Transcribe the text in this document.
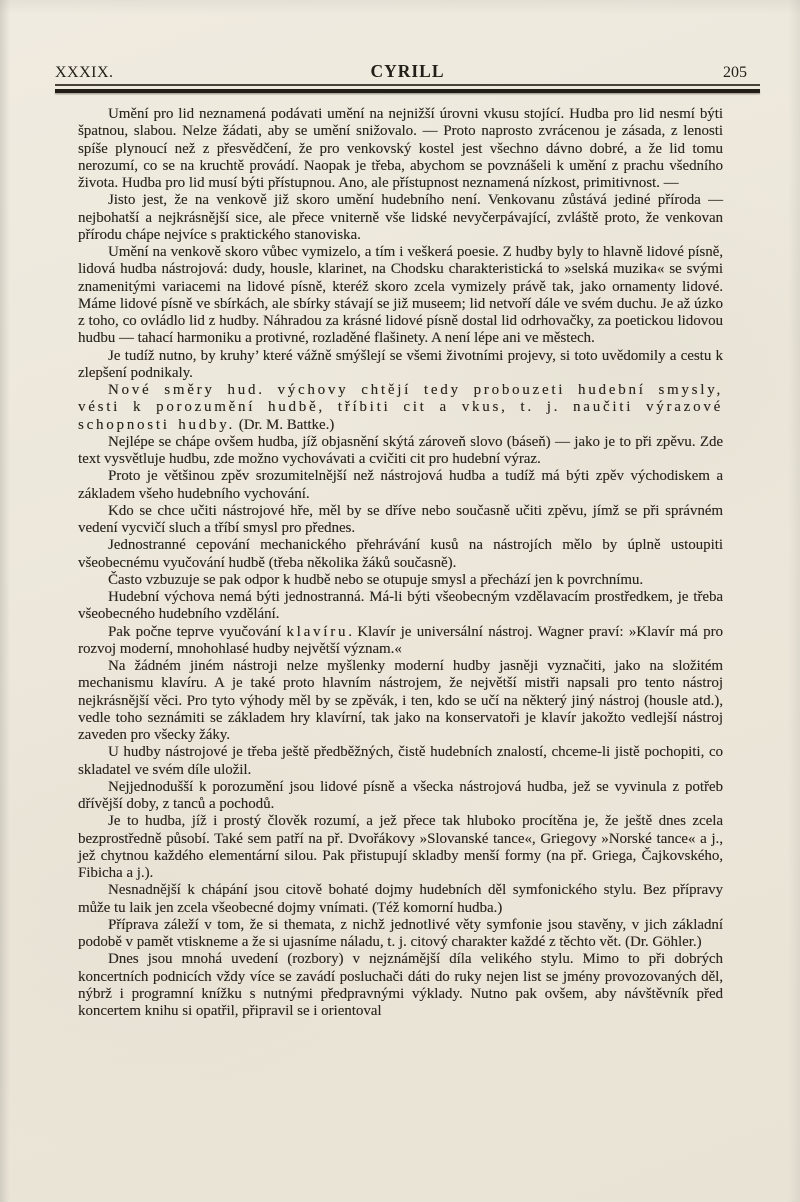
XXXIX.	CYRILL	205

Umění pro lid neznamená podávati umění na nejnižší úrovni vkusu stojící. Hudba pro lid nesmí býti špatnou, slabou. Nelze žádati, aby se umění snižovalo. — Proto naprosto zvrácenou je zásada, z lenosti spíše plynoucí než z přesvědčení, že pro venkovský kostel jest všechno dávno dobré, a že lid tomu nerozumí, co se na kruchtě provádí. Naopak je třeba, abychom se povznášeli k umění z prachu všedního života. Hudba pro lid musí býti přístupnou. Ano, ale přístupnost neznamená nízkost, primitivnost. —

Jisto jest, že na venkově již skoro umění hudebního není. Venkovanu zůstává jediné příroda — nejbohatší a nejkrásnější sice, ale přece vniterně vše lidské nevyčerpávající, zvláště proto, že venkovan přírodu chápe nejvíce s praktického stanoviska.

Umění na venkově skoro vůbec vymizelo, a tím i veškerá poesie. Z hudby byly to hlavně lidové písně, lidová hudba nástrojová: dudy, housle, klarinet, na Chodsku charakteristická to »selská muzika« se svými znamenitými variacemi na lidové písně, kteréž skoro zcela vymizely právě tak, jako ornamenty lidové. Máme lidové písně ve sbírkách, ale sbírky stávají se již museem; lid netvoří dále ve svém duchu. Je až úzko z toho, co ovládlo lid z hudby. Náhradou za krásné lidové písně dostal lid odrhovačky, za poetickou lidovou hudbu — tahací harmoniku a protivné, rozladěné flašinety. A není lépe ani ve městech.

Je tudíž nutno, by kruhy’ které vážně smýšlejí se všemi životními projevy, si toto uvědomily a cestu k zlepšení podnikaly.

Nové směry hud. výchovy chtějí tedy probouzeti hudební smysly, vésti k porozumění hudbě, tříbiti cit a vkus, t. j. naučiti výrazové schopnosti hudby. (Dr. M. Battke.)

Nejlépe se chápe ovšem hudba, jíž objasnění skýtá zároveň slovo (báseň) — jako je to při zpěvu. Zde text vysvětluje hudbu, zde možno vychovávati a cvičiti cit pro hudební výraz.

Proto je většinou zpěv srozumitelnější než nástrojová hudba a tudíž má býti zpěv východiskem a základem všeho hudebního vychování.

Kdo se chce učiti nástrojové hře, měl by se dříve nebo současně učiti zpěvu, jímž se při správném vedení vycvičí sluch a tříbí smysl pro přednes.

Jednostranné cepování mechanického přehrávání kusů na nástrojích mělo by úplně ustoupiti všeobecnému vyučování hudbě (třeba několika žáků současně).

Často vzbuzuje se pak odpor k hudbě nebo se otupuje smysl a přechází jen k povrchnímu.

Hudební výchova nemá býti jednostranná. Má-li býti všeobecným vzdělavacím prostředkem, je třeba všeobecného hudebního vzdělání.

Pak počne teprve vyučování klavíru. Klavír je universální nástroj. Wagner praví: »Klavír má pro rozvoj moderní, mnohohlasé hudby největší význam.«

Na žádném jiném nástroji nelze myšlenky moderní hudby jasněji vyznačiti, jako na složitém mechanismu klavíru. A je také proto hlavním nástrojem, že největší mistři napsali pro tento nástroj nejkrásnější věci. Pro tyto výhody měl by se zpěvák, i ten, kdo se učí na některý jiný nástroj (housle atd.), vedle toho seznámiti se základem hry klavírní, tak jako na konservatoři je klavír jakožto vedlejší nástroj zaveden pro všecky žáky.

U hudby nástrojové je třeba ještě předběžných, čistě hudebních znalostí, chceme-li jistě pochopiti, co skladatel ve svém díle uložil.

Nejjednodušší k porozumění jsou lidové písně a všecka nástrojová hudba, jež se vyvinula z potřeb dřívější doby, z tanců a pochodů.

Je to hudba, jíž i prostý člověk rozumí, a jež přece tak hluboko procítěna je, že ještě dnes zcela bezprostředně působí. Také sem patří na př. Dvořákovy »Slovanské tance«, Griegovy »Norské tance« a j., jež chytnou každého elementární silou. Pak přistupují skladby menší formy (na př. Griega, Čajkovského, Fibicha a j.).

Nesnadnější k chápání jsou citově bohaté dojmy hudebních děl symfonického stylu. Bez přípravy může tu laik jen zcela všeobecné dojmy vnímati. (Též komorní hudba.)

Příprava záleží v tom, že si themata, z nichž jednotlivé věty symfonie jsou stavěny, v jich základní podobě v pamět vtiskneme a že si ujasníme náladu, t. j. citový charakter každé z těchto vět. (Dr. Göhler.)

Dnes jsou mnohá uvedení (rozbory) v nejznámější díla velikého stylu. Mimo to při dobrých koncertních podnicích vždy více se zavádí posluchači dáti do ruky nejen list se jmény provozovaných děl, nýbrž i programní knížku s nutnými předpravnými výklady. Nutno pak ovšem, aby návštěvník před koncertem knihu si opatřil, připravil se i orientoval
